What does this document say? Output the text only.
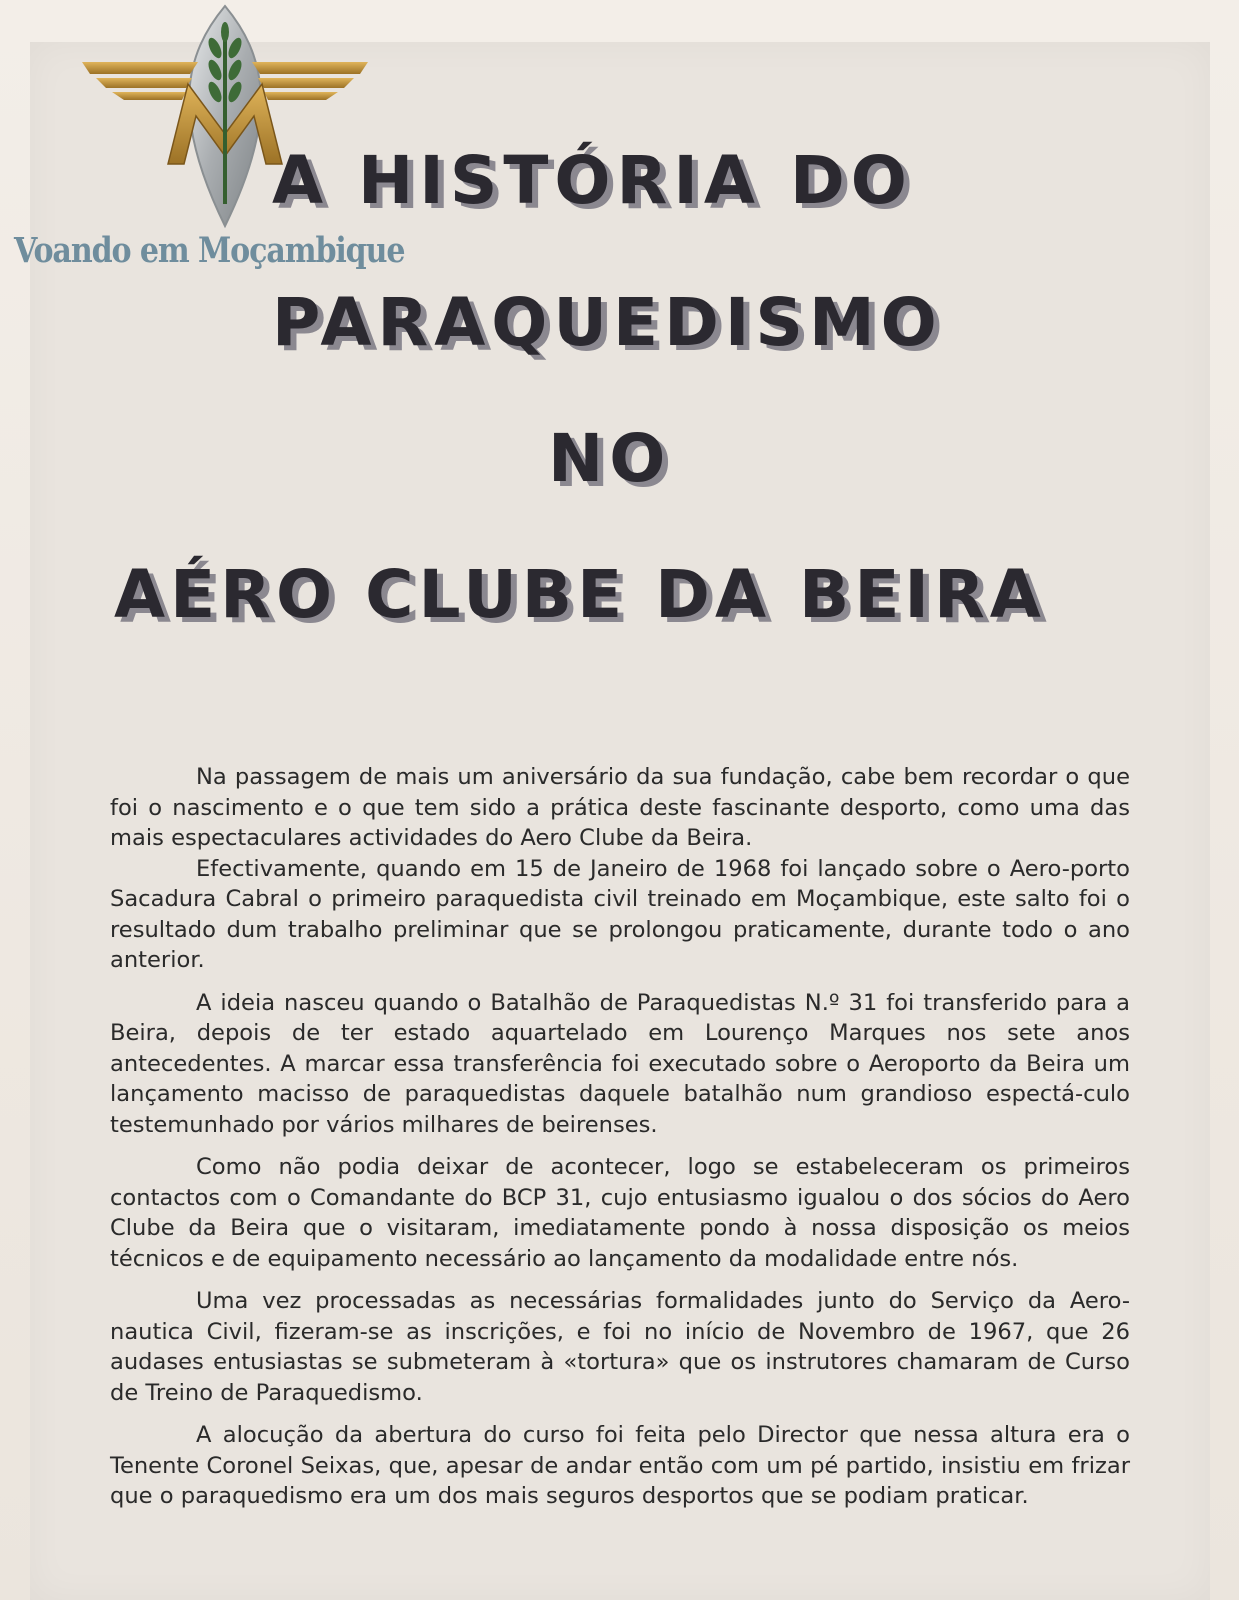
Voando em Moçambique
A HISTÓRIA DO
PARAQUEDISMO
NO
AÉRO CLUBE DA BEIRA

Na passagem de mais um aniversário da sua fundação, cabe bem recordar o que foi o nascimento e o que tem sido a prática deste fascinante desporto, como uma das mais espectaculares actividades do Aero Clube da Beira.

Efectivamente, quando em 15 de Janeiro de 1968 foi lançado sobre o Aero-porto Sacadura Cabral o primeiro paraquedista civil treinado em Moçambique, este salto foi o resultado dum trabalho preliminar que se prolongou praticamente, durante todo o ano anterior.

A ideia nasceu quando o Batalhão de Paraquedistas N.º 31 foi transferido para a Beira, depois de ter estado aquartelado em Lourenço Marques nos sete anos antecedentes. A marcar essa transferência foi executado sobre o Aeroporto da Beira um lançamento macisso de paraquedistas daquele batalhão num grandioso espectá-culo testemunhado por vários milhares de beirenses.

Como não podia deixar de acontecer, logo se estabeleceram os primeiros contactos com o Comandante do BCP 31, cujo entusiasmo igualou o dos sócios do Aero Clube da Beira que o visitaram, imediatamente pondo à nossa disposição os meios técnicos e de equipamento necessário ao lançamento da modalidade entre nós.

Uma vez processadas as necessárias formalidades junto do Serviço da Aero-nautica Civil, fizeram-se as inscrições, e foi no início de Novembro de 1967, que 26 audases entusiastas se submeteram à «tortura» que os instrutores chamaram de Curso de Treino de Paraquedismo.

A alocução da abertura do curso foi feita pelo Director que nessa altura era o Tenente Coronel Seixas, que, apesar de andar então com um pé partido, insistiu em frizar que o paraquedismo era um dos mais seguros desportos que se podiam praticar.
